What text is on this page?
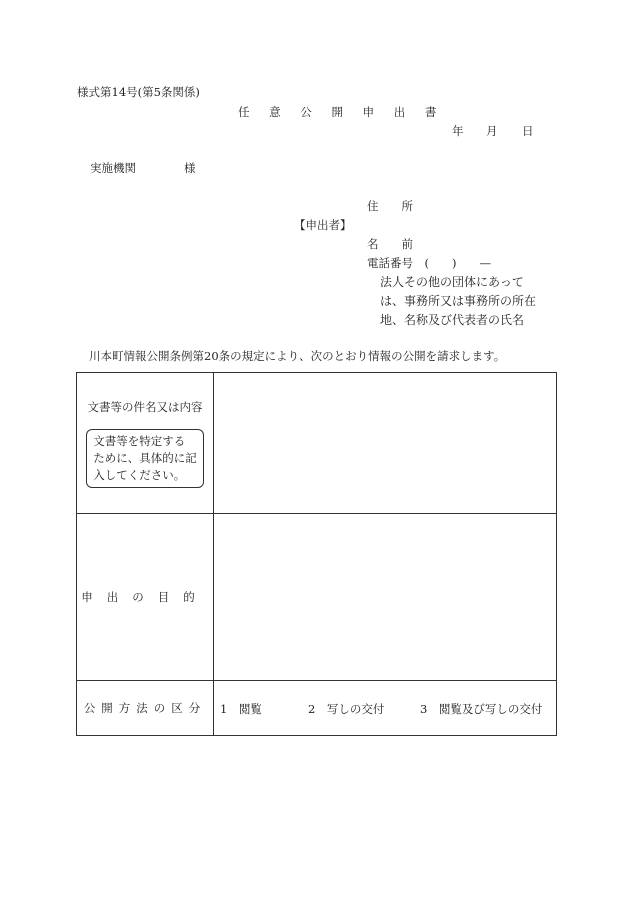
様式第14号(第5条関係)
任 意 公 開 申 出 書
年 月 日
実施機関	様
住　　所
【申出者】
名　　前
電話番号　(　　)　　—
法人その他の団体にあって
は、事務所又は事務所の所在
地、名称及び代表者の氏名
川本町情報公開条例第20条の規定により、次のとおり情報の公開を請求します。
文書等の件名又は内容
文書等を特定する
ために、具体的に記
入してください。	

申出の目的	
公開方法の区分	1　閲覧 2　写しの交付 3　閲覧及び写しの交付
